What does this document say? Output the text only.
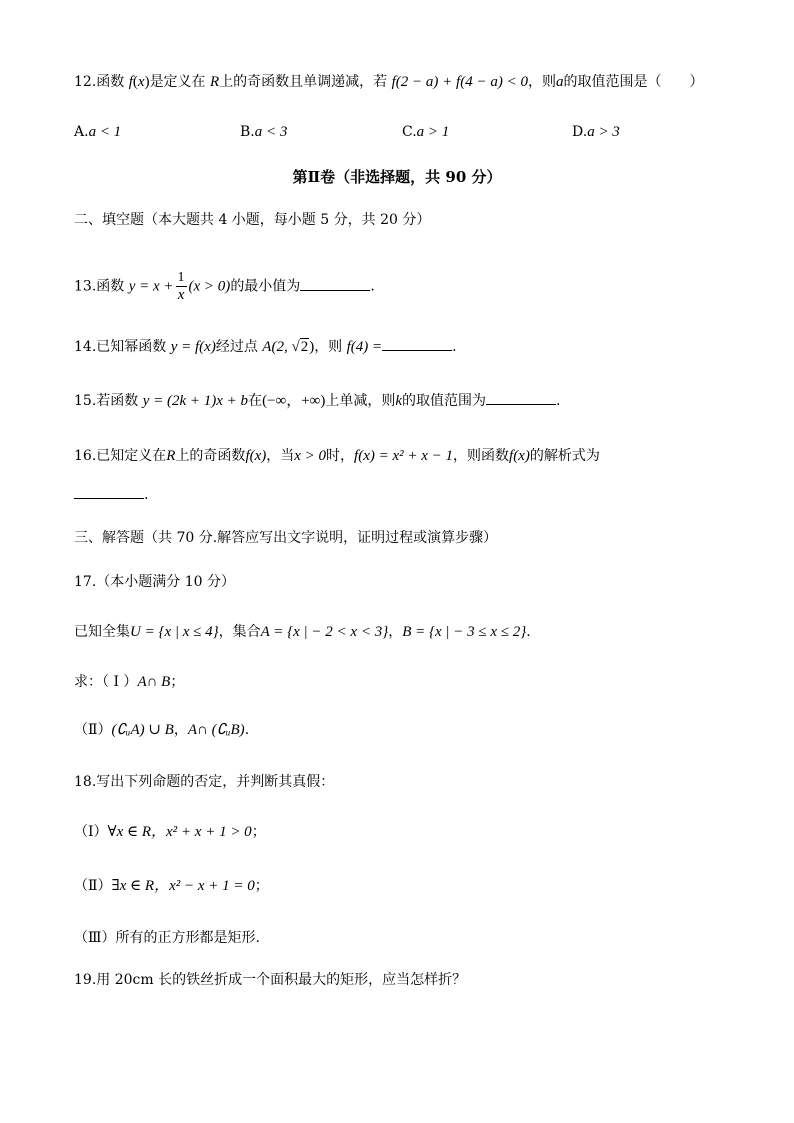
12.函数 f(x)是定义在 R上的奇函数且单调递减，若 f(2 − a) + f(4 − a) < 0，则a的取值范围是（　　）
A.a < 1	B.a < 3	C.a > 1	D.a > 3
第Ⅱ卷（非选择题，共 90 分）
二、填空题（本大题共 4 小题，每小题 5 分，共 20 分）
13.函数 $y = x + \frac{1}{x} (x > 0)$的最小值为	.
14.已知幂函数 y = f(x)经过点 A(2, √2)，则 f(4) =	.
15.若函数 y = (2k + 1)x + b在(−∞，+∞)上单减，则k的取值范围为	.
16.已知定义在R上的奇函数f(x)，当x > 0时，f(x) = x² + x − 1，则函数f(x)的解析式为
.
三、解答题（共 70 分.解答应写出文字说明，证明过程或演算步骤）
17.（本小题满分 10 分）
已知全集U = {x | x ≤ 4}，集合A = {x | − 2 < x < 3}，B = {x | − 3 ≤ x ≤ 2}.
求：（ Ⅰ ）A∩ B；
（Ⅱ）(∁ᵤA) ∪ B，A∩ (∁ᵤB).
18.写出下列命题的否定，并判断其真假：
（Ⅰ）∀x ∈ R，x² + x + 1 > 0；
（Ⅱ）∃x ∈ R，x² − x + 1 = 0；
（Ⅲ）所有的正方形都是矩形.
19.用 20cm 长的铁丝折成一个面积最大的矩形，应当怎样折？
